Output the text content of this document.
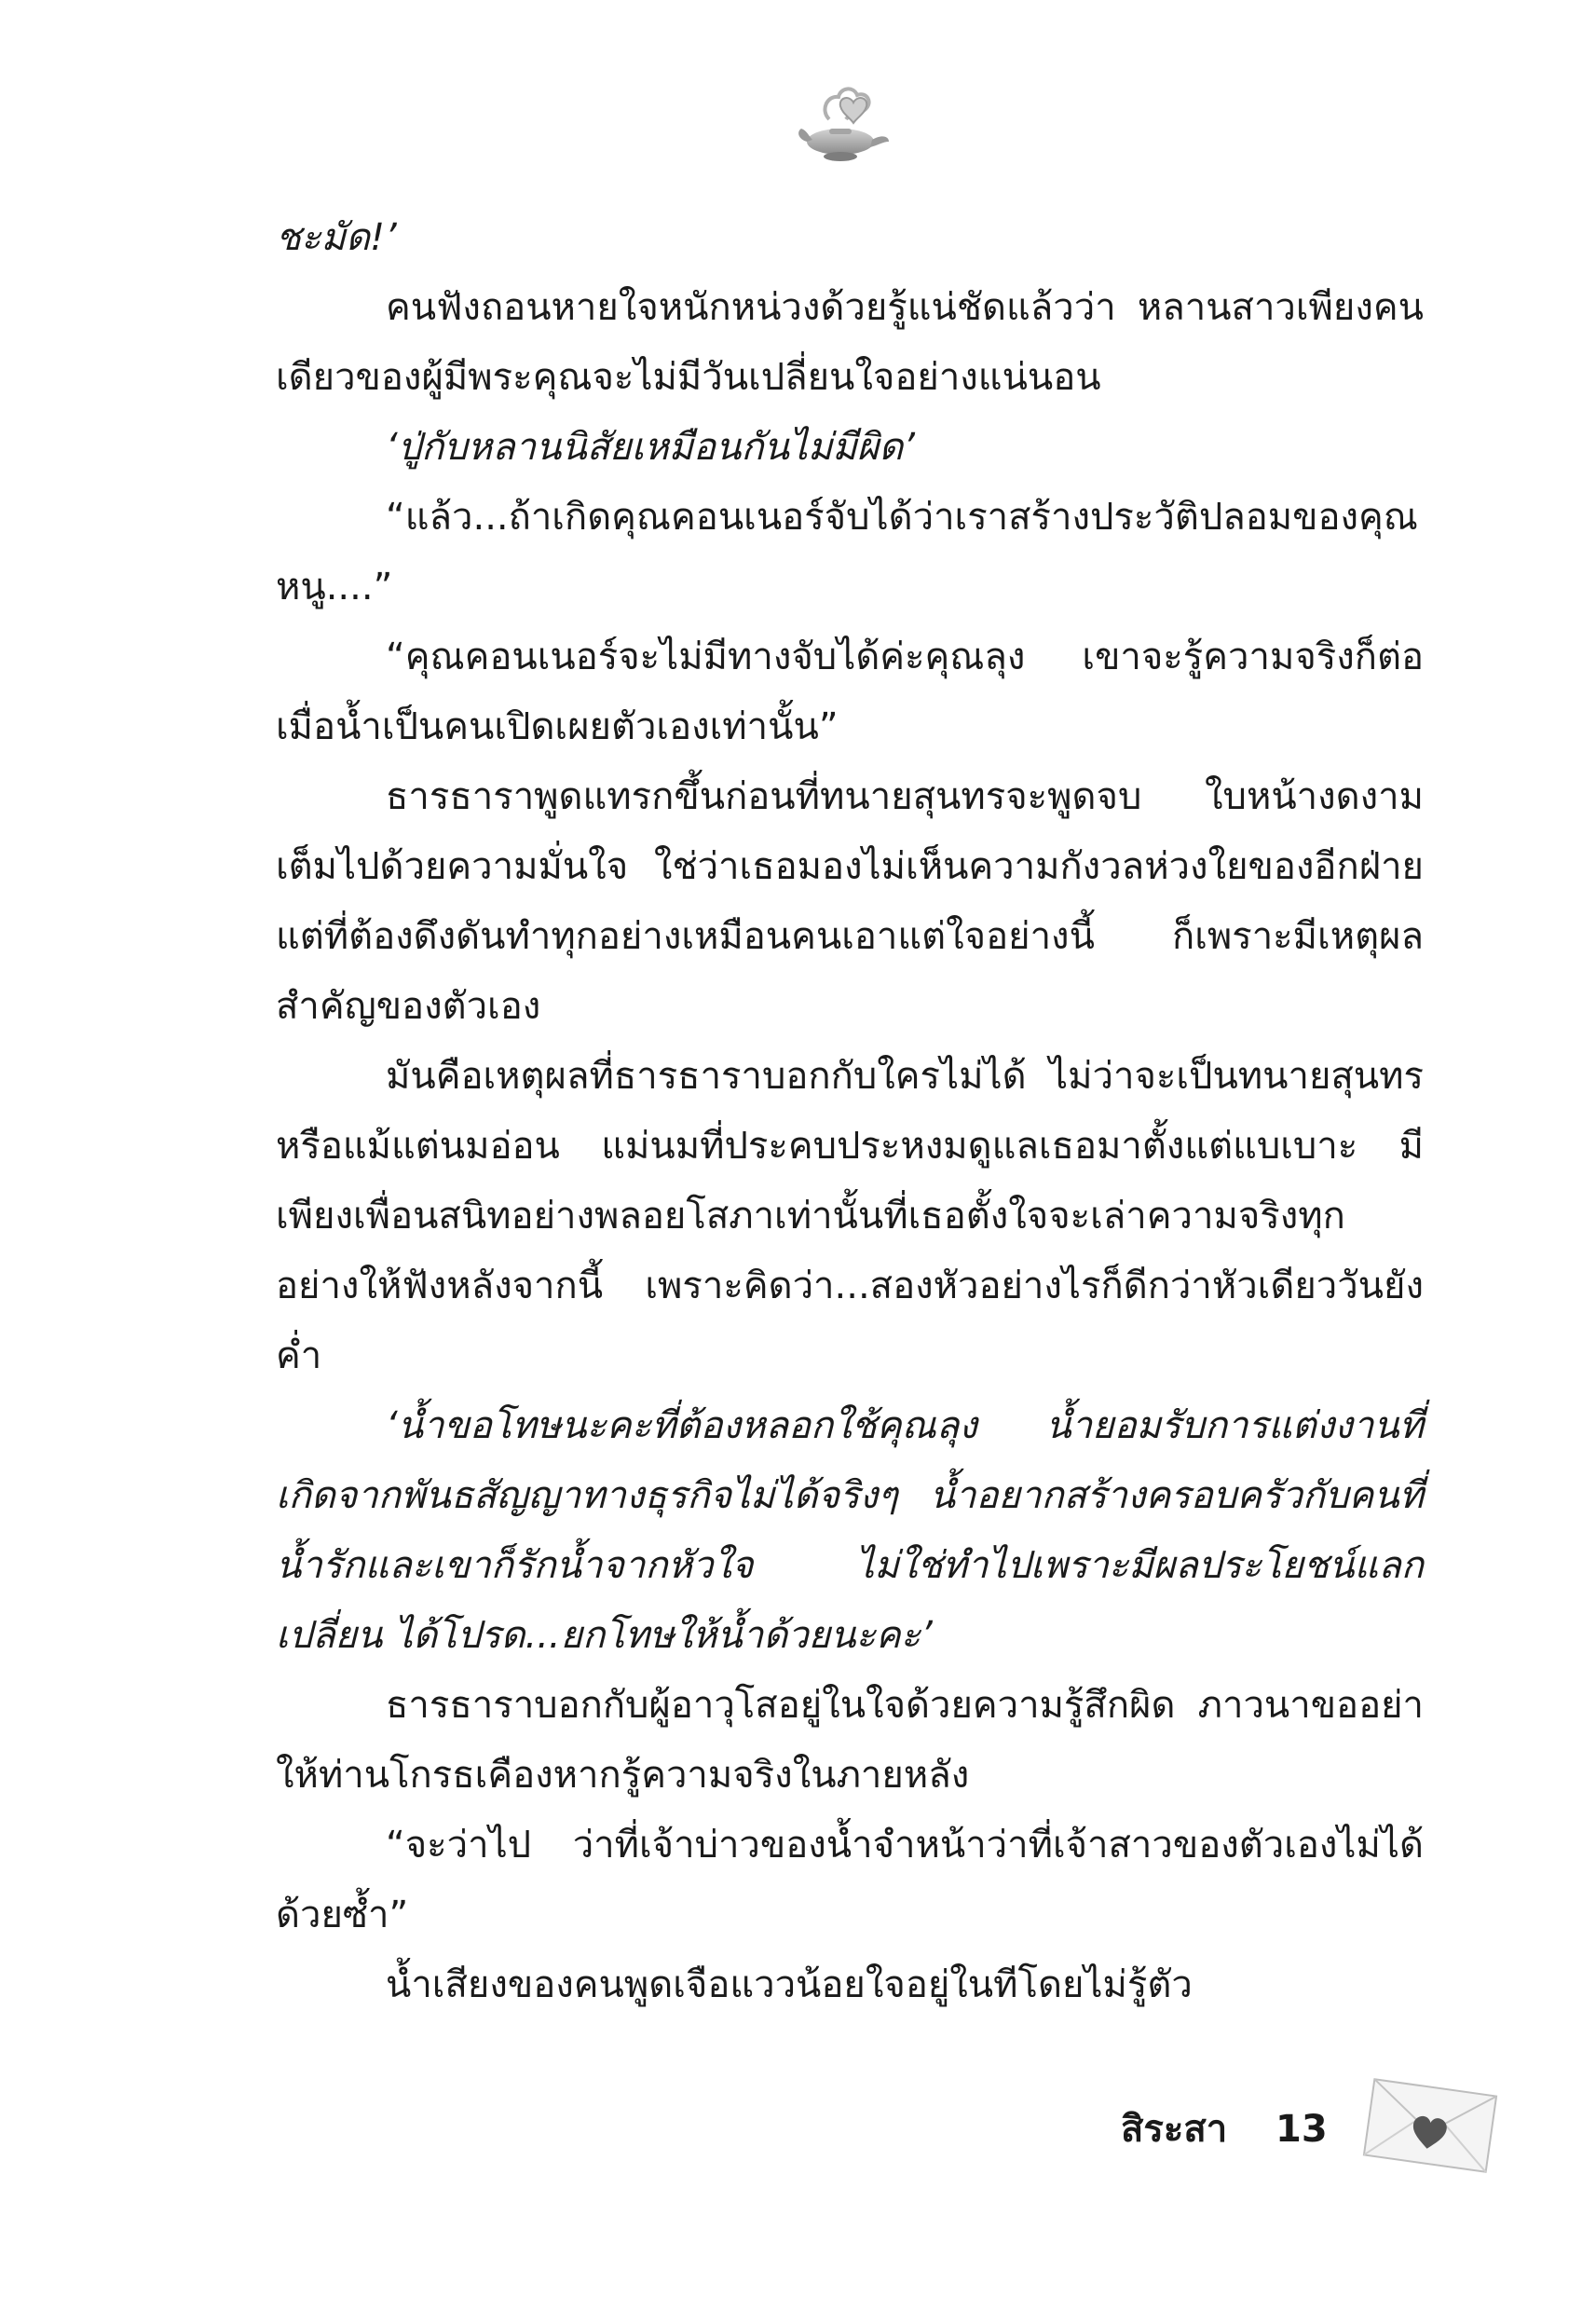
ชะมัด!’

คนฟังถอนหายใจหนักหน่วงด้วยรู้แน่ชัดแล้วว่า หลานสาวเพียงคนเดียวของผู้มีพระคุณจะไม่มีวันเปลี่ยนใจอย่างแน่นอน

‘ปู่กับหลานนิสัยเหมือนกันไม่มีผิด’

“แล้ว...ถ้าเกิดคุณคอนเนอร์จับได้ว่าเราสร้างประวัติปลอมของคุณหนู....”

“คุณคอนเนอร์จะไม่มีทางจับได้ค่ะคุณลุง เขาจะรู้ความจริงก็ต่อเมื่อน้ำเป็นคนเปิดเผยตัวเองเท่านั้น”

ธารธาราพูดแทรกขึ้นก่อนที่ทนายสุนทรจะพูดจบ ใบหน้างดงามเต็มไปด้วยความมั่นใจ ใช่ว่าเธอมองไม่เห็นความกังวลห่วงใยของอีกฝ่าย แต่ที่ต้องดึงดันทำทุกอย่างเหมือนคนเอาแต่ใจอย่างนี้ ก็เพราะมีเหตุผลสำคัญของตัวเอง

มันคือเหตุผลที่ธารธาราบอกกับใครไม่ได้ ไม่ว่าจะเป็นทนายสุนทรหรือแม้แต่นมอ่อน แม่นมที่ประคบประหงมดูแลเธอมาตั้งแต่แบเบาะ มีเพียงเพื่อนสนิทอย่างพลอยโสภาเท่านั้นที่เธอตั้งใจจะเล่าความจริงทุกอย่างให้ฟังหลังจากนี้ เพราะคิดว่า...สองหัวอย่างไรก็ดีกว่าหัวเดียววันยังค่ำ

‘น้ำขอโทษนะคะที่ต้องหลอกใช้คุณลุง น้ำยอมรับการแต่งงานที่เกิดจากพันธสัญญาทางธุรกิจไม่ได้จริงๆ น้ำอยากสร้างครอบครัวกับคนที่น้ำรักและเขาก็รักน้ำจากหัวใจ ไม่ใช่ทำไปเพราะมีผลประโยชน์แลกเปลี่ยน ได้โปรด...ยกโทษให้น้ำด้วยนะคะ’

ธารธาราบอกกับผู้อาวุโสอยู่ในใจด้วยความรู้สึกผิด ภาวนาขออย่าให้ท่านโกรธเคืองหากรู้ความจริงในภายหลัง

“จะว่าไป ว่าที่เจ้าบ่าวของน้ำจำหน้าว่าที่เจ้าสาวของตัวเองไม่ได้ด้วยซ้ำ”

น้ำเสียงของคนพูดเจือแววน้อยใจอยู่ในทีโดยไม่รู้ตัว

สิระสา 13
